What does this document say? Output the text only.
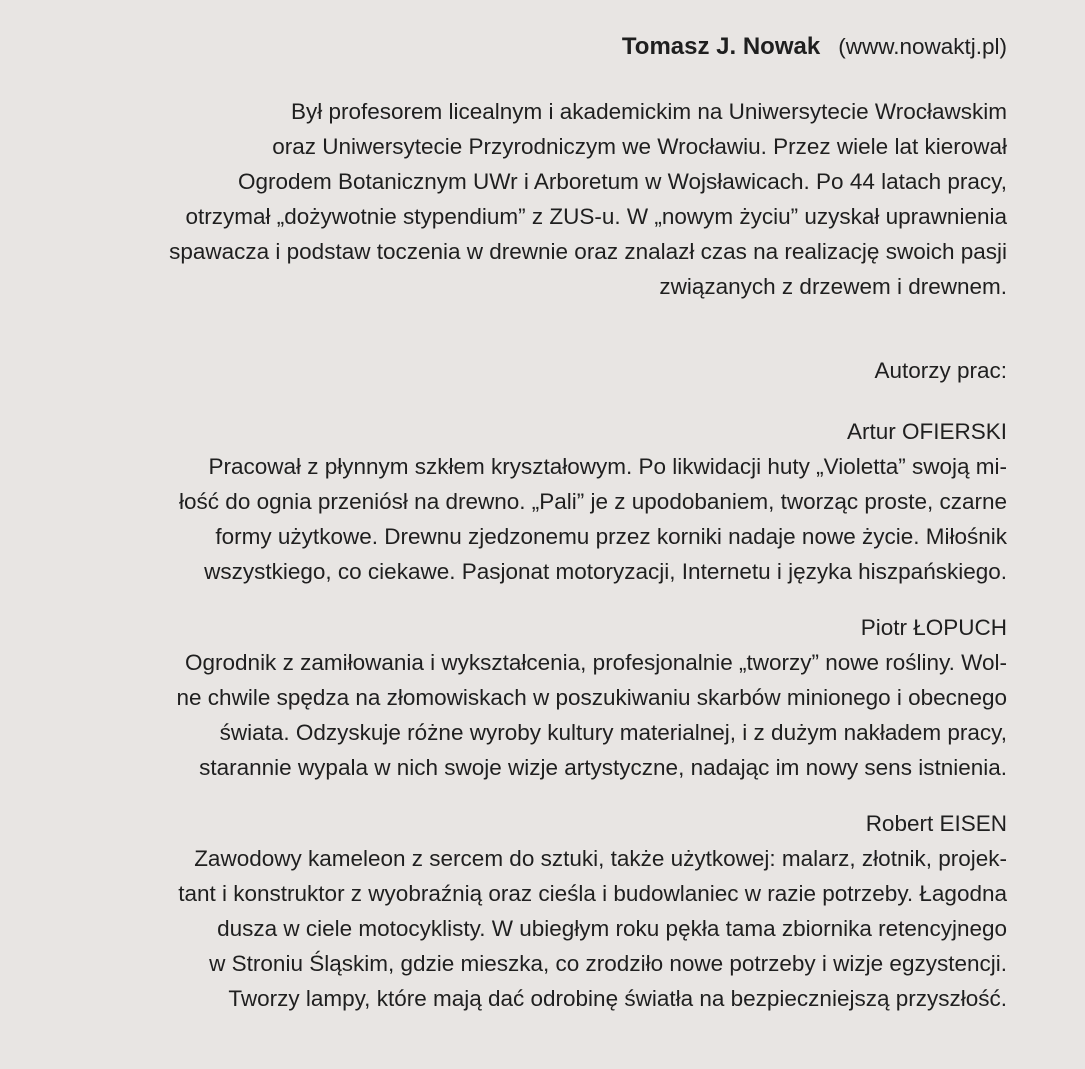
Tomasz J. Nowak (www.nowaktj.pl)
Był profesorem licealnym i akademickim na Uniwersytecie Wrocławskim
oraz Uniwersytecie Przyrodniczym we Wrocławiu. Przez wiele lat kierował
Ogrodem Botanicznym UWr i Arboretum w Wojsławicach. Po 44 latach pracy,
otrzymał „dożywotnie stypendium” z ZUS-u. W „nowym życiu” uzyskał uprawnienia
spawacza i podstaw toczenia w drewnie oraz znalazł czas na realizację swoich pasji
związanych z drzewem i drewnem.
Autorzy prac:
Artur OFIERSKI
Pracował z płynnym szkłem kryształowym. Po likwidacji huty „Violetta” swoją mi-
łość do ognia przeniósł na drewno. „Pali” je z upodobaniem, tworząc proste, czarne
formy użytkowe. Drewnu zjedzonemu przez korniki nadaje nowe życie. Miłośnik
wszystkiego, co ciekawe. Pasjonat motoryzacji, Internetu i języka hiszpańskiego.
Piotr ŁOPUCH
Ogrodnik z zamiłowania i wykształcenia, profesjonalnie „tworzy” nowe rośliny. Wol-
ne chwile spędza na złomowiskach w poszukiwaniu skarbów minionego i obecnego
świata. Odzyskuje różne wyroby kultury materialnej, i z dużym nakładem pracy,
starannie wypala w nich swoje wizje artystyczne, nadając im nowy sens istnienia.
Robert EISEN
Zawodowy kameleon z sercem do sztuki, także użytkowej: malarz, złotnik, projek-
tant i konstruktor z wyobraźnią oraz cieśla i budowlaniec w razie potrzeby. Łagodna
dusza w ciele motocyklisty. W ubiegłym roku pękła tama zbiornika retencyjnego
w Stroniu Śląskim, gdzie mieszka, co zrodziło nowe potrzeby i wizje egzystencji.
Tworzy lampy, które mają dać odrobinę światła na bezpieczniejszą przyszłość.
